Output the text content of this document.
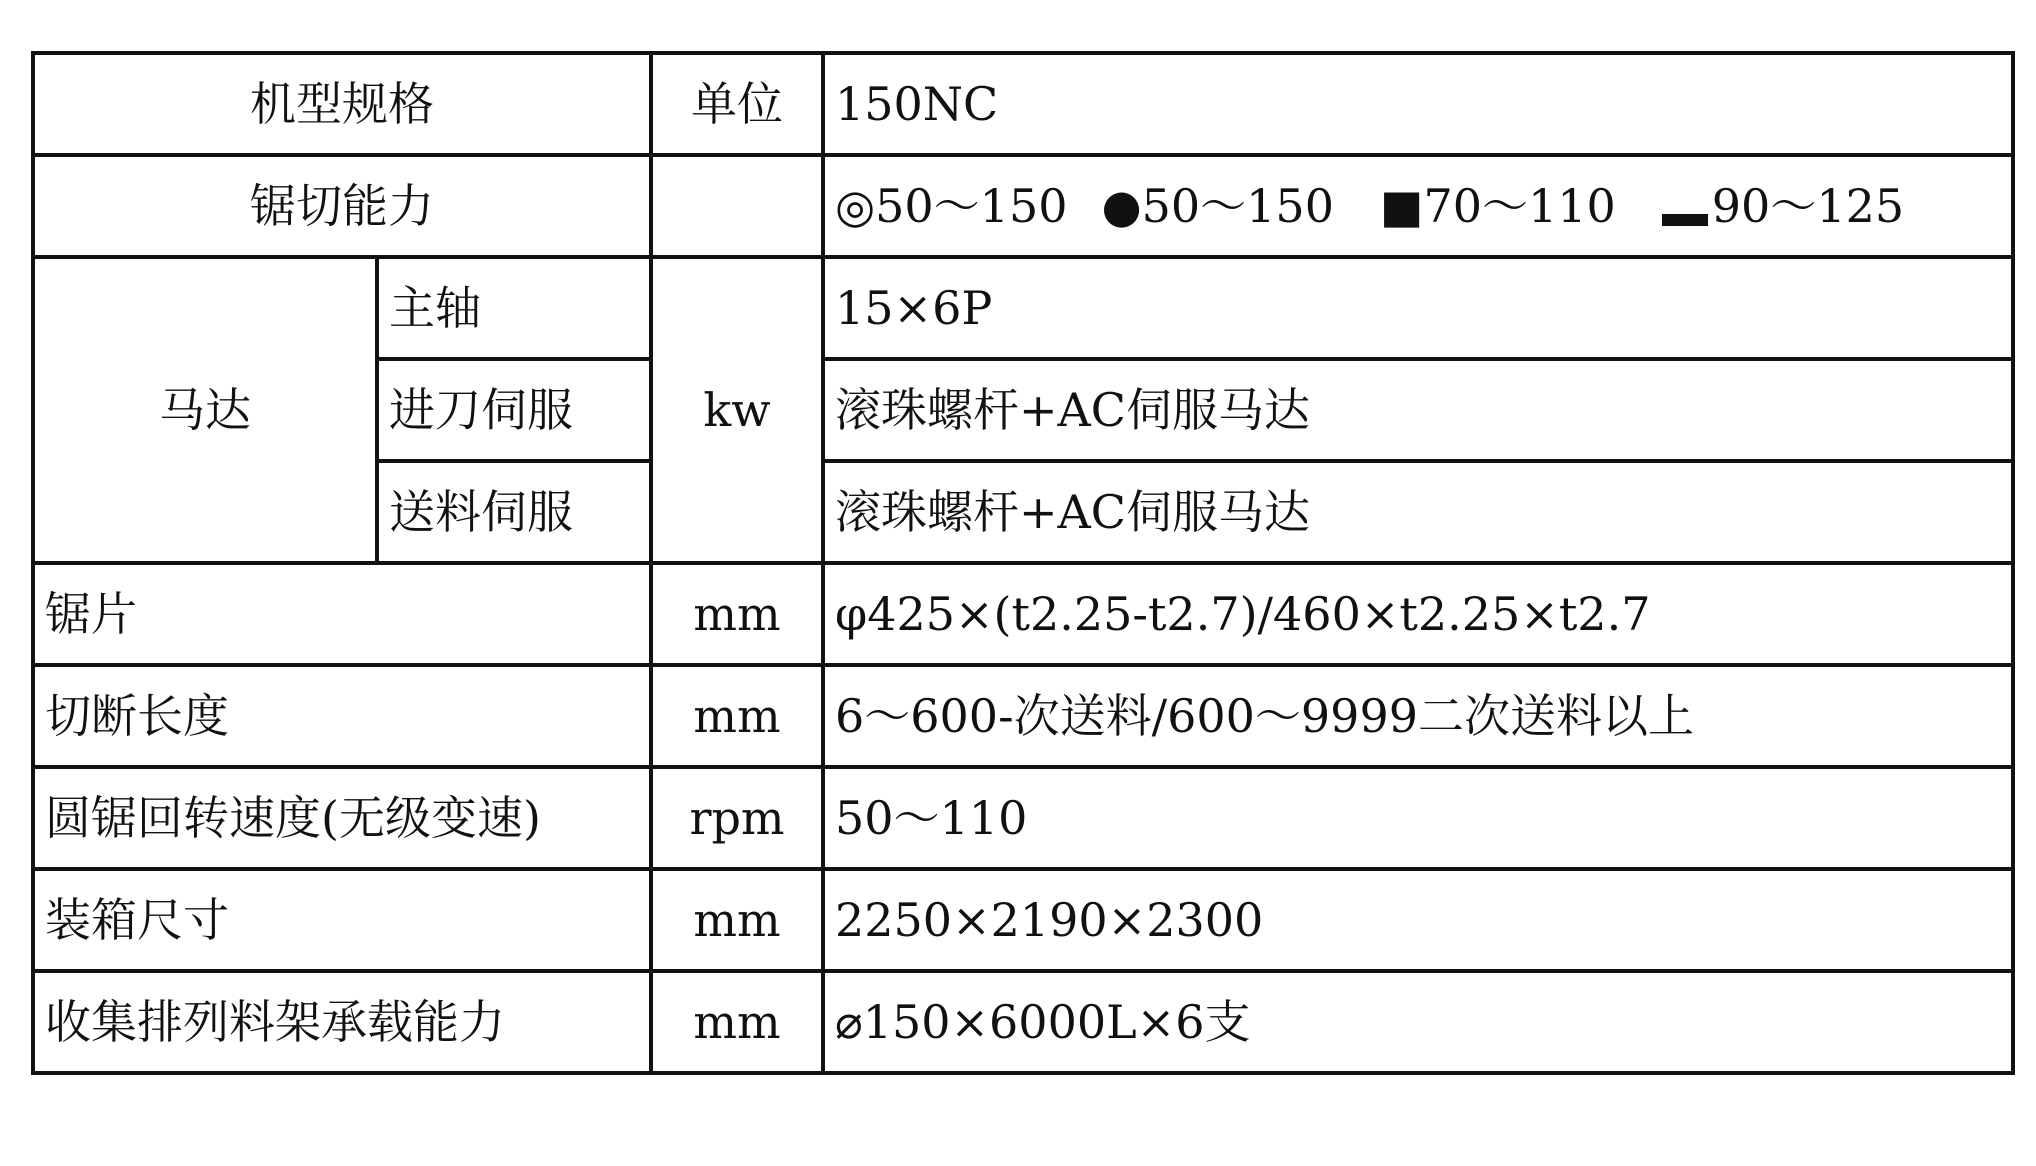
机型规格		单位	150NC
锯切能力			◎50～150 ●50～150 ■70～110 90～125
马达	主轴	kw	15×6P
	进刀伺服		滚珠螺杆+AC伺服马达
	送料伺服		滚珠螺杆+AC伺服马达
锯片		mm	φ425×(t2.25-t2.7)/460×t2.25×t2.7
切断长度		mm	6～600-次送料/600～9999二次送料以上
圆锯回转速度(无级变速)		rpm	50～110
装箱尺寸		mm	2250×2190×2300
收集排列料架承载能力		mm	⌀150×6000L×6支
